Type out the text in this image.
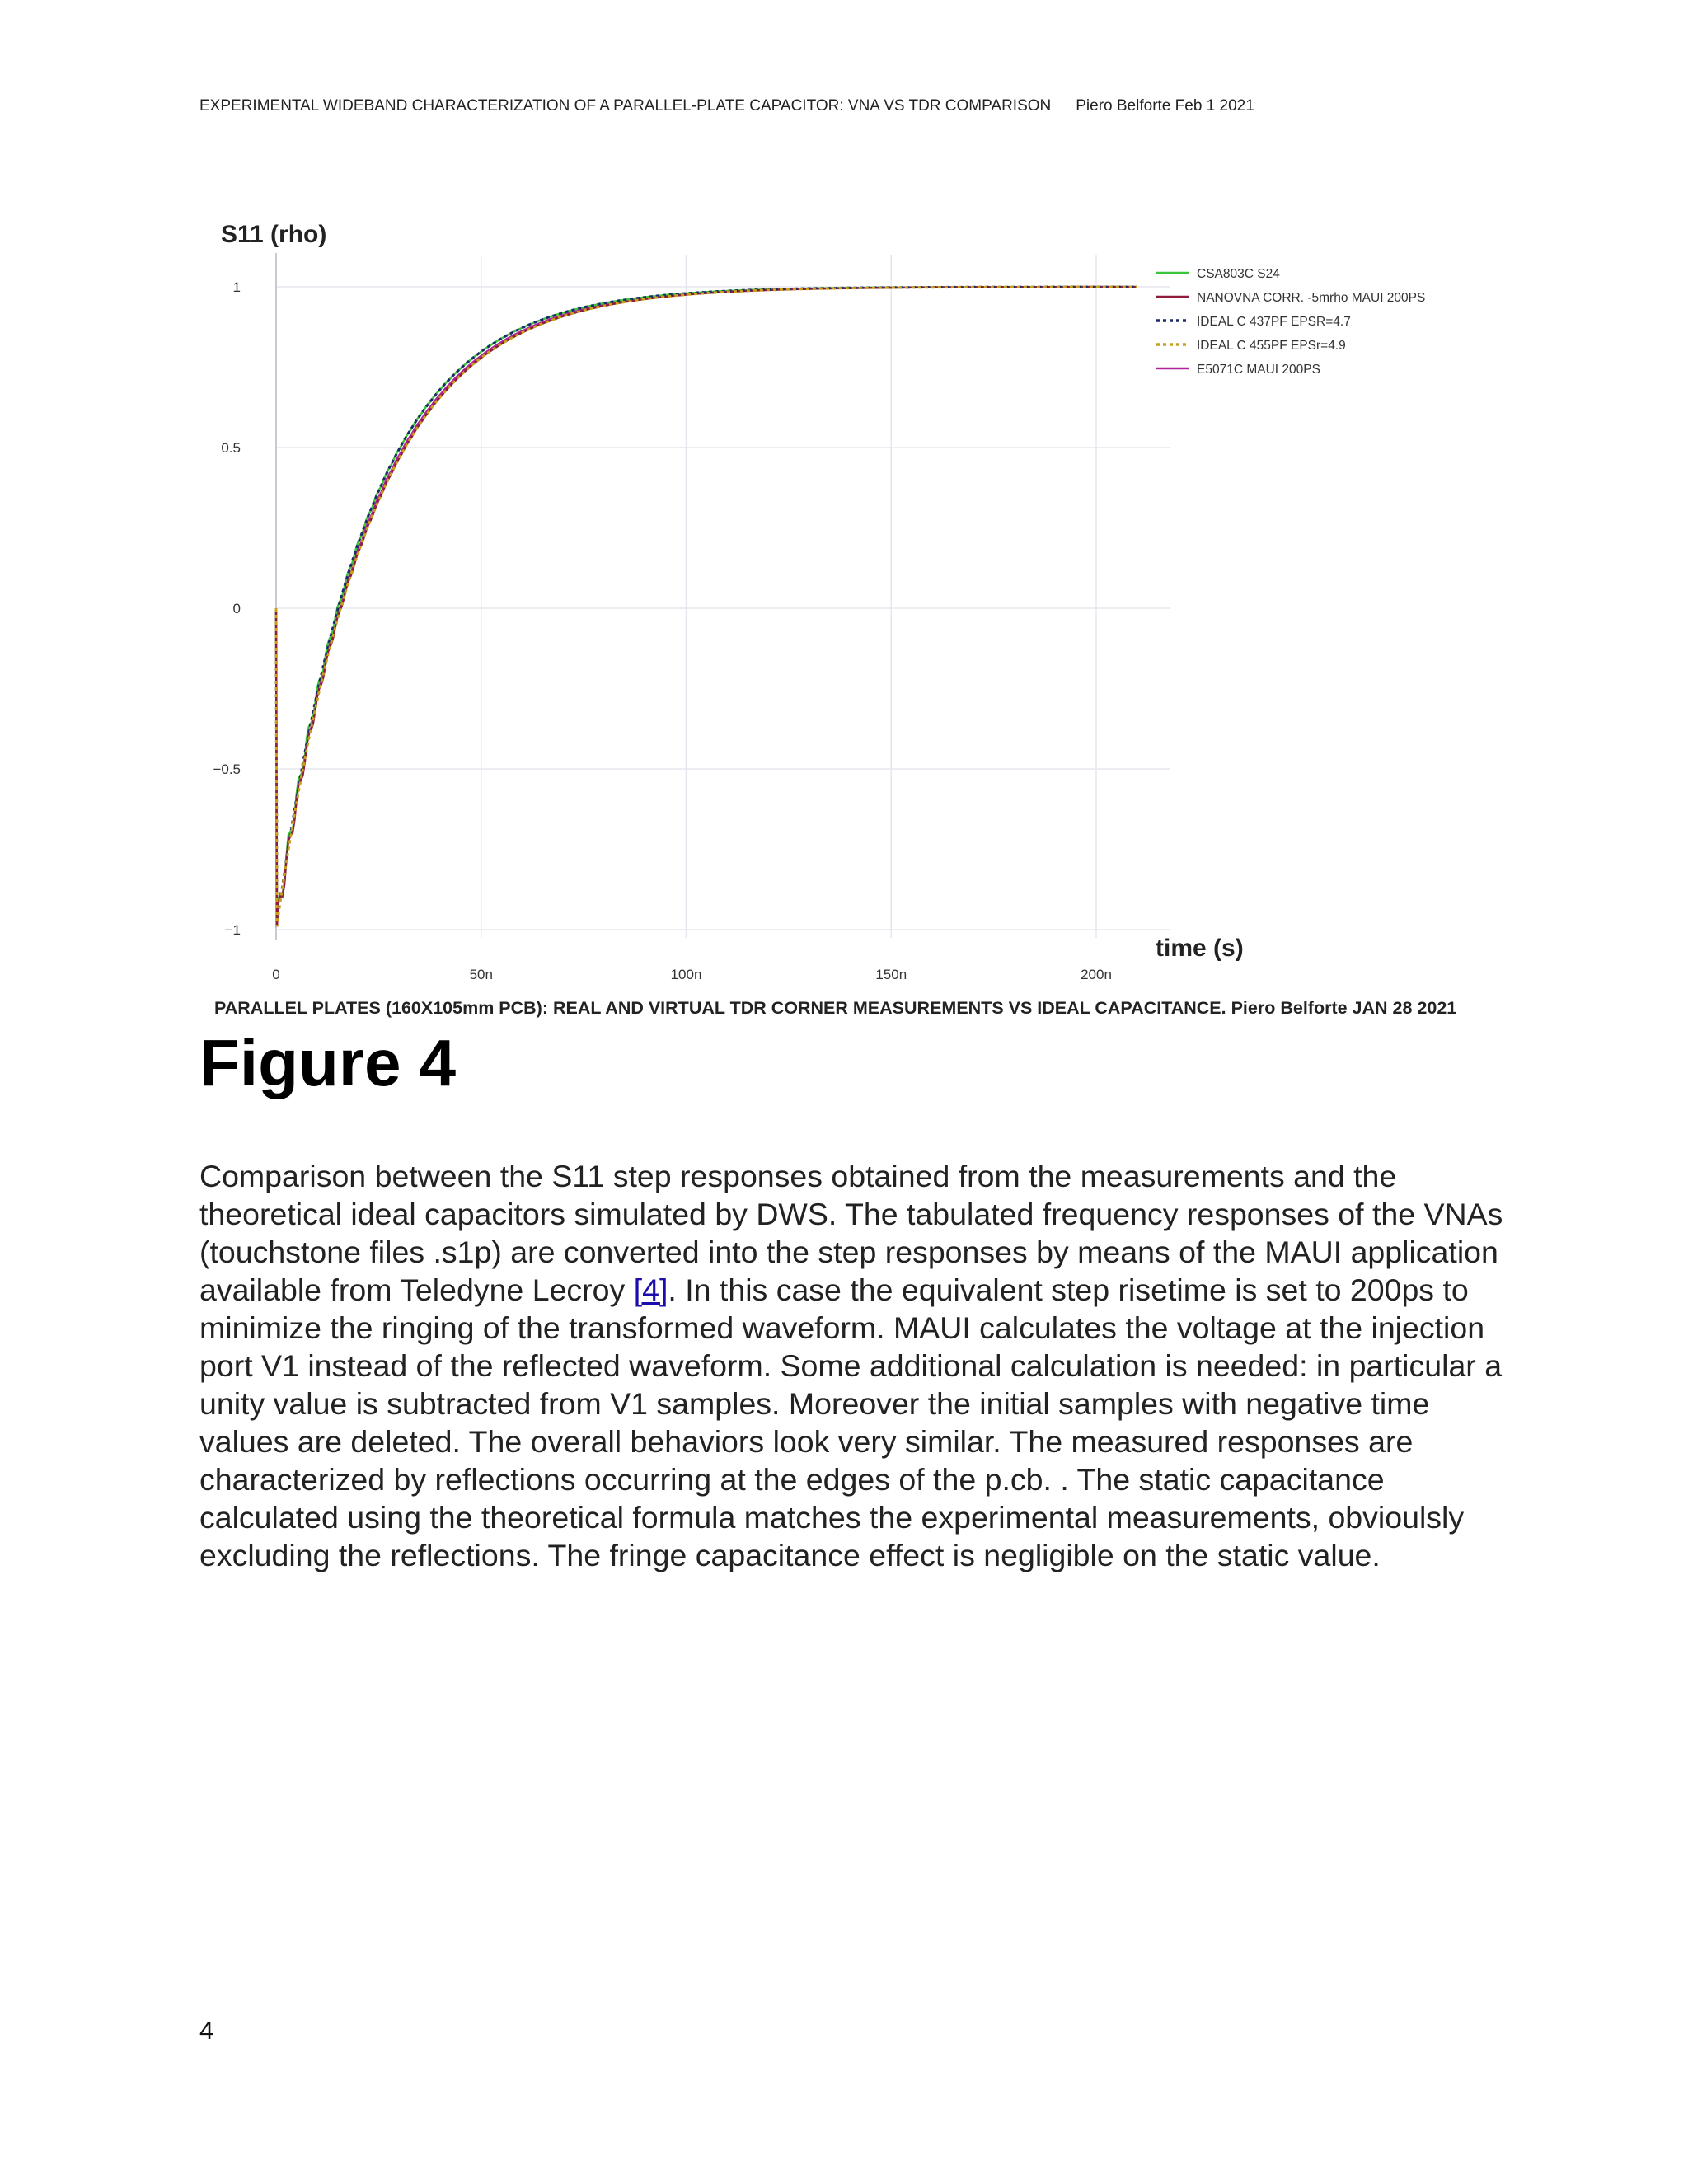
EXPERIMENTAL WIDEBAND CHARACTERIZATION OF A PARALLEL-PLATE CAPACITOR: VNA VS TDR COMPARISON Piero Belforte Feb 1 2021
1
0.5
0
−0.5
−1
0	50n	100n	150n	200n
CSA803C S24
NANOVNA CORR. -5mrho MAUI 200PS
IDEAL C 437PF EPSR=4.7
IDEAL C 455PF EPSr=4.9
E5071C MAUI 200PS
S11 (rho)
time (s)
PARALLEL PLATES (160X105mm PCB): REAL AND VIRTUAL TDR CORNER MEASUREMENTS VS IDEAL CAPACITANCE. Piero Belforte JAN 28 2021
Figure 4
Comparison between the S11 step responses obtained from the measurements and the theoretical ideal capacitors simulated by DWS. The tabulated frequency responses of the VNAs (touchstone files .s1p) are converted into the step responses by means of the MAUI application available from Teledyne Lecroy [4]. In this case the equivalent step risetime is set to 200ps to minimize the ringing of the transformed waveform. MAUI calculates the voltage at the injection port V1 instead of the reflected waveform. Some additional calculation is needed: in particular a unity value is subtracted from V1 samples. Moreover the initial samples with negative time values are deleted. The overall behaviors look very similar. The measured responses are characterized by reflections occurring at the edges of the p.cb. . The static capacitance calculated using the theoretical formula matches the experimental measurements, obvioulsly excluding the reflections. The fringe capacitance effect is negligible on the static value.
4
